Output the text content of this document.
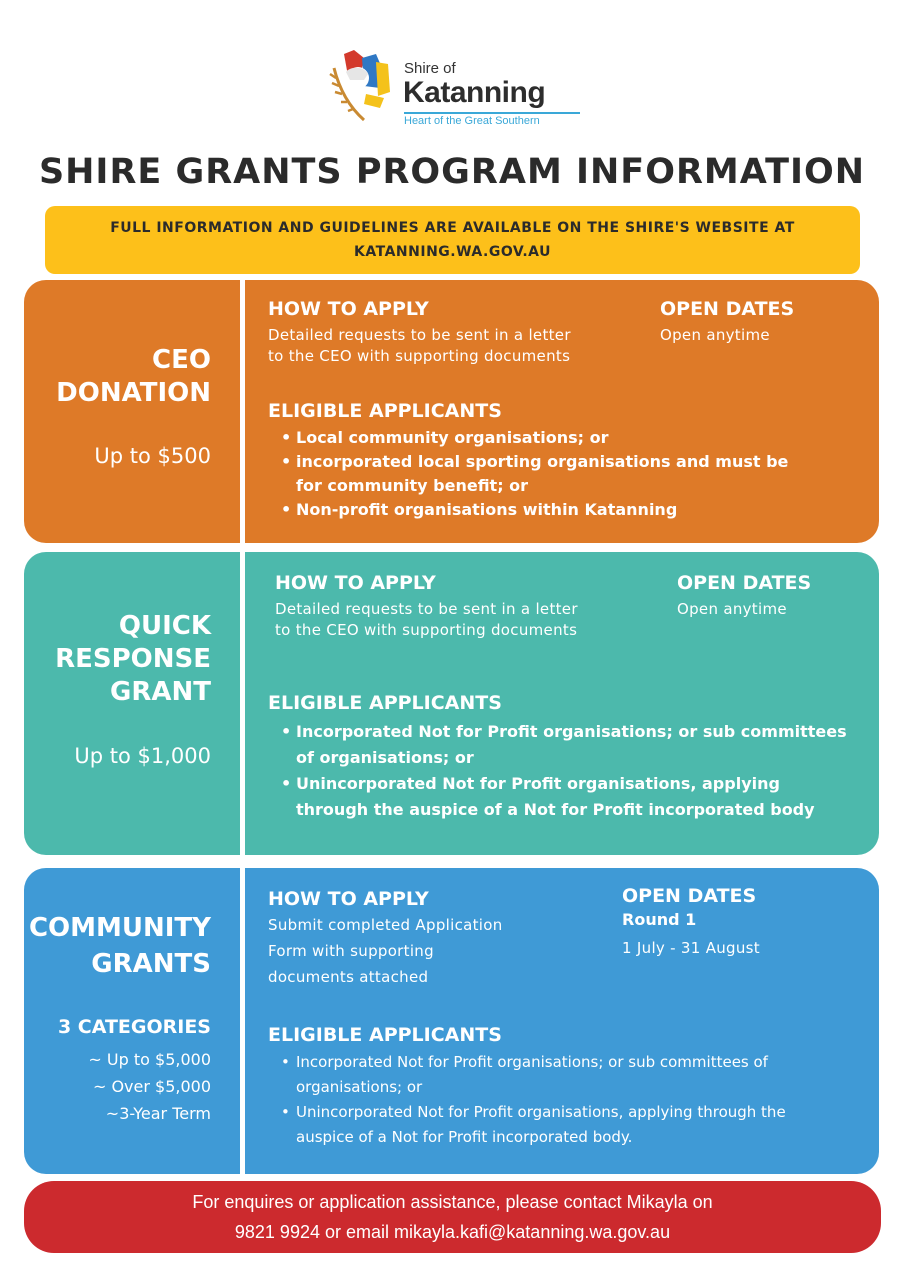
Shire of
Katanning
Heart of the Great Southern
SHIRE GRANTS PROGRAM INFORMATION
FULL INFORMATION AND GUIDELINES ARE AVAILABLE ON THE SHIRE'S WEBSITE AT
KATANNING.WA.GOV.AU
CEO
DONATION
Up to $500
HOW TO APPLY
Detailed requests to be sent in a letter
to the CEO with supporting documents
OPEN DATES
Open anytime
ELIGIBLE APPLICANTS
• Local community organisations; or
• incorporated local sporting organisations and must be for community benefit; or
• Non-profit organisations within Katanning
QUICK
RESPONSE
GRANT
Up to $1,000
HOW TO APPLY
Detailed requests to be sent in a letter
to the CEO with supporting documents
OPEN DATES
Open anytime
ELIGIBLE APPLICANTS
• Incorporated Not for Profit organisations; or sub committees of organisations; or
• Unincorporated Not for Profit organisations, applying through the auspice of a Not for Profit incorporated body
COMMUNITY
GRANTS
3 CATEGORIES
~ Up to $5,000
~ Over $5,000
~3-Year Term
HOW TO APPLY
Submit completed Application
Form with supporting
documents attached
OPEN DATES
Round 1
1 July - 31 August
ELIGIBLE APPLICANTS
• Incorporated Not for Profit organisations; or sub committees of organisations; or
• Unincorporated Not for Profit organisations, applying through the auspice of a Not for Profit incorporated body.
For enquires or application assistance, please contact Mikayla on
9821 9924 or email mikayla.kafi@katanning.wa.gov.au
